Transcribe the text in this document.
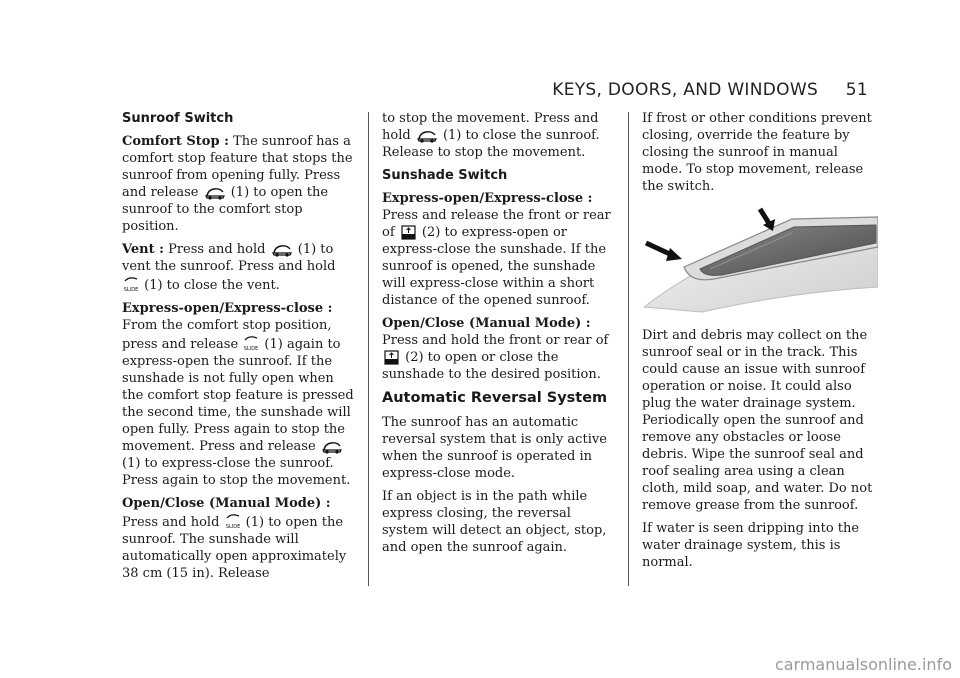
KEYS, DOORS, AND WINDOWS 51
Sunroof Switch

Comfort Stop : The sunroof has a comfort stop feature that stops the sunroof from opening fully. Press and release  (1) to open the sunroof to the comfort stop position.

Vent : Press and hold  (1) to vent the sunroof. Press and hold
SLIDE (1) to close the vent.

Express-open/Express-close : From the comfort stop position, press and release SLIDE (1) again to express-open the sunroof. If the sunshade is not fully open when the comfort stop feature is pressed the second time, the sunshade will open fully. Press again to stop the movement. Press and release  (1) to express-close the sunroof. Press again to stop the movement.

Open/Close (Manual Mode) : Press and hold SLIDE (1) to open the sunroof. The sunshade will automatically open approximately 38 cm (15 in). Release

to stop the movement. Press and hold  (1) to close the sunroof. Release to stop the movement.

Sunshade Switch

Express-open/Express-close : Press and release the front or rear of  (2) to express-open or express-close the sunshade. If the sunroof is opened, the sunshade will express-close within a short distance of the opened sunroof.

Open/Close (Manual Mode) : Press and hold the front or rear of  (2) to open or close the sunshade to the desired position.

Automatic Reversal System

The sunroof has an automatic reversal system that is only active when the sunroof is operated in express-close mode.

If an object is in the path while express closing, the reversal system will detect an object, stop, and open the sunroof again.

If frost or other conditions prevent closing, override the feature by closing the sunroof in manual mode. To stop movement, release the switch.

Dirt and debris may collect on the sunroof seal or in the track. This could cause an issue with sunroof operation or noise. It could also plug the water drainage system. Periodically open the sunroof and remove any obstacles or loose debris. Wipe the sunroof seal and roof sealing area using a clean cloth, mild soap, and water. Do not remove grease from the sunroof.

If water is seen dripping into the water drainage system, this is normal.

carmanualsonline.info
